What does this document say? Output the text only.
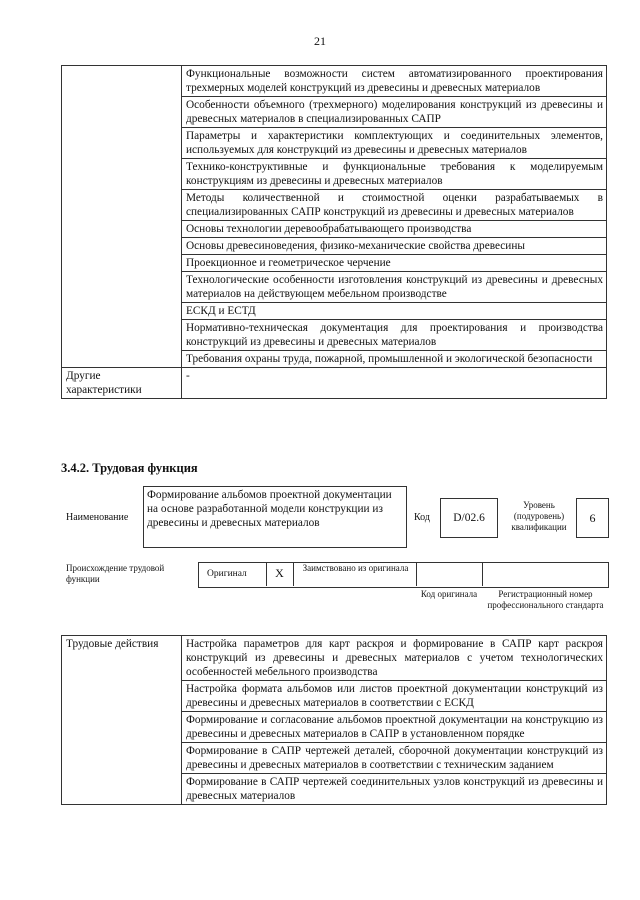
21
	Функциональные возможности систем автоматизированного проектирования трехмерных моделей конструкций из древесины и древесных материалов
	Особенности объемного (трехмерного) моделирования конструкций из древесины и древесных материалов в специализированных САПР
	Параметры и характеристики комплектующих и соединительных элементов, используемых для конструкций из древесины и древесных материалов
	Технико-конструктивные и функциональные требования к моделируемым конструкциям из древесины и древесных материалов
	Методы количественной и стоимостной оценки разрабатываемых в специализированных САПР конструкций из древесины и древесных материалов
	Основы технологии деревообрабатывающего производства
	Основы древесиноведения, физико-механические свойства древесины
	Проекционное и геометрическое черчение
	Технологические особенности изготовления конструкций из древесины и древесных материалов на действующем мебельном производстве
	ЕСКД и ЕСТД
	Нормативно-техническая документация для проектирования и производства конструкций из древесины и древесных материалов
	Требования охраны труда, пожарной, промышленной и экологической безопасности
Другие характеристики	-
3.4.2. Трудовая функция
Наименование
Формирование альбомов проектной документации на основе разработанной модели конструкции из древесины и древесных материалов	Код	D/02.6
Уровень (подуровень) квалификации
6
Происхождение трудовой функции	Оригинал	X	Заимствовано из оригинала
Код оригинала	Регистрационный номер профессионального стандарта
Трудовые действия	Настройка параметров для карт раскроя и формирование в САПР карт раскроя конструкций из древесины и древесных материалов с учетом технологических особенностей мебельного производства
Настройка формата альбомов или листов проектной документации конструкций из древесины и древесных материалов в соответствии с ЕСКД
Формирование и согласование альбомов проектной документации на конструкцию из древесины и древесных материалов в САПР в установленном порядке
Формирование в САПР чертежей деталей, сборочной документации конструкций из древесины и древесных материалов в соответствии с техническим заданием
Формирование в САПР чертежей соединительных узлов конструкций из древесины и древесных материалов
